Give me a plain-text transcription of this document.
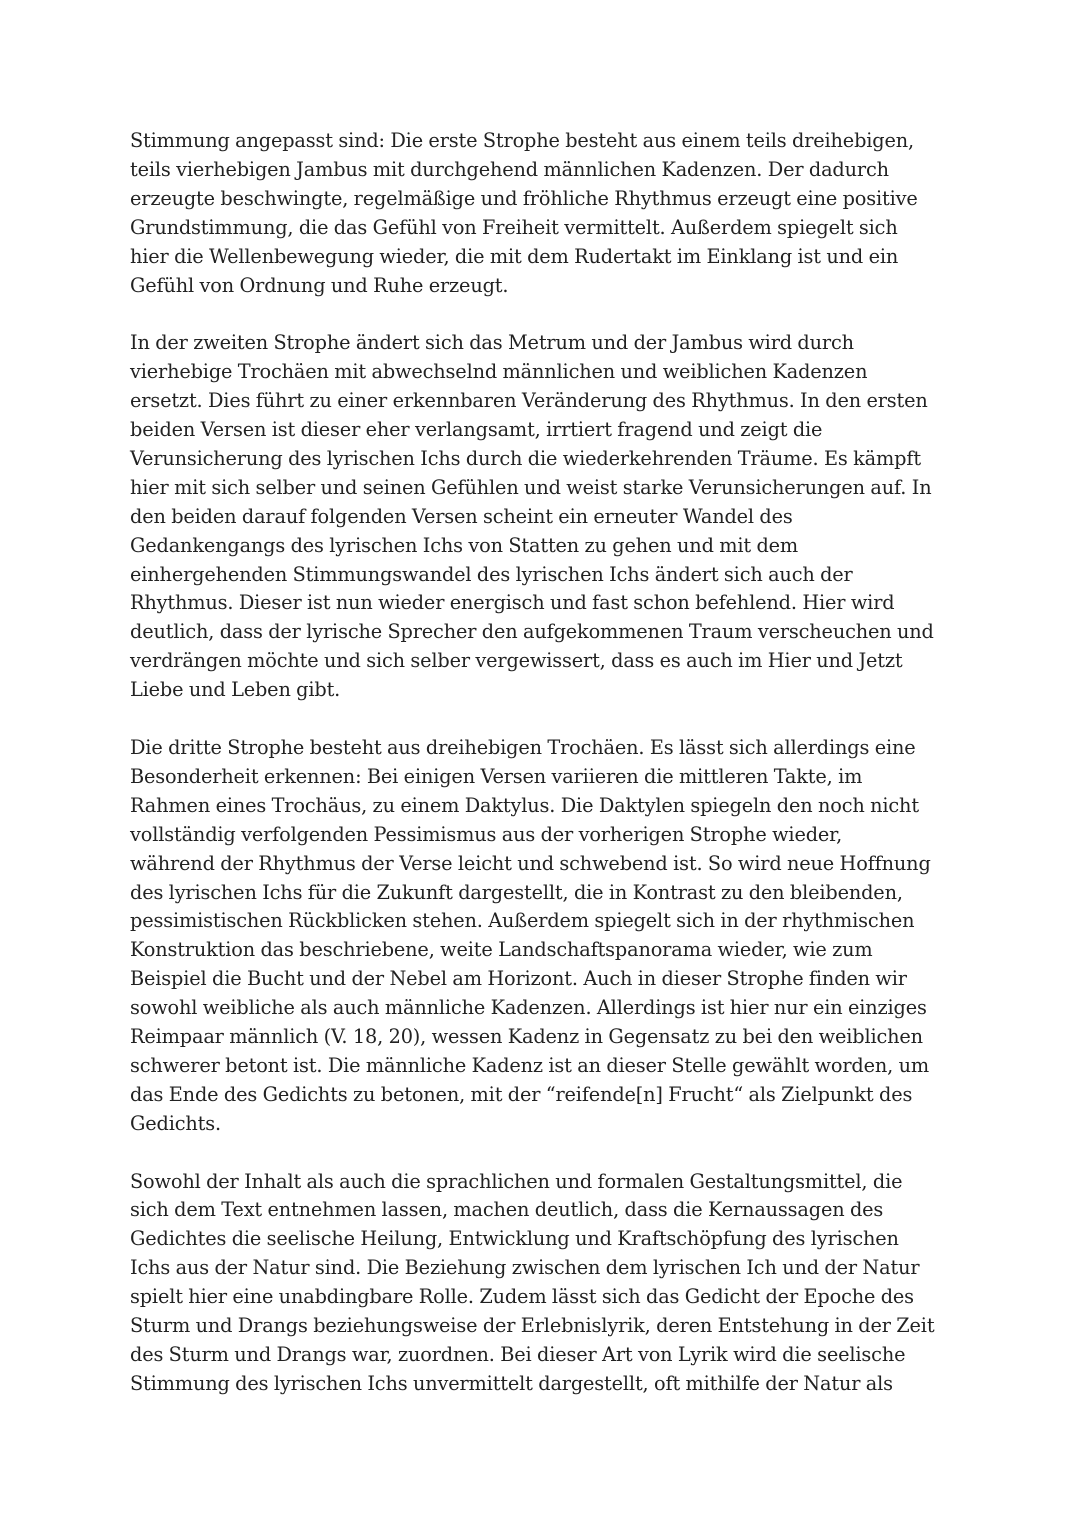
Stimmung angepasst sind: Die erste Strophe besteht aus einem teils dreihebigen,
teils vierhebigen Jambus mit durchgehend männlichen Kadenzen. Der dadurch
erzeugte beschwingte, regelmäßige und fröhliche Rhythmus erzeugt eine positive
Grundstimmung, die das Gefühl von Freiheit vermittelt. Außerdem spiegelt sich
hier die Wellenbewegung wieder, die mit dem Rudertakt im Einklang ist und ein
Gefühl von Ordnung und Ruhe erzeugt.

In der zweiten Strophe ändert sich das Metrum und der Jambus wird durch
vierhebige Trochäen mit abwechselnd männlichen und weiblichen Kadenzen
ersetzt. Dies führt zu einer erkennbaren Veränderung des Rhythmus. In den ersten
beiden Versen ist dieser eher verlangsamt, irrtiert fragend und zeigt die
Verunsicherung des lyrischen Ichs durch die wiederkehrenden Träume. Es kämpft
hier mit sich selber und seinen Gefühlen und weist starke Verunsicherungen auf. In
den beiden darauf folgenden Versen scheint ein erneuter Wandel des
Gedankengangs des lyrischen Ichs von Statten zu gehen und mit dem
einhergehenden Stimmungswandel des lyrischen Ichs ändert sich auch der
Rhythmus. Dieser ist nun wieder energisch und fast schon befehlend. Hier wird
deutlich, dass der lyrische Sprecher den aufgekommenen Traum verscheuchen und
verdrängen möchte und sich selber vergewissert, dass es auch im Hier und Jetzt
Liebe und Leben gibt.

Die dritte Strophe besteht aus dreihebigen Trochäen. Es lässt sich allerdings eine
Besonderheit erkennen: Bei einigen Versen variieren die mittleren Takte, im
Rahmen eines Trochäus, zu einem Daktylus. Die Daktylen spiegeln den noch nicht
vollständig verfolgenden Pessimismus aus der vorherigen Strophe wieder,
während der Rhythmus der Verse leicht und schwebend ist. So wird neue Hoffnung
des lyrischen Ichs für die Zukunft dargestellt, die in Kontrast zu den bleibenden,
pessimistischen Rückblicken stehen. Außerdem spiegelt sich in der rhythmischen
Konstruktion das beschriebene, weite Landschaftspanorama wieder, wie zum
Beispiel die Bucht und der Nebel am Horizont. Auch in dieser Strophe finden wir
sowohl weibliche als auch männliche Kadenzen. Allerdings ist hier nur ein einziges
Reimpaar männlich (V. 18, 20), wessen Kadenz in Gegensatz zu bei den weiblichen
schwerer betont ist. Die männliche Kadenz ist an dieser Stelle gewählt worden, um
das Ende des Gedichts zu betonen, mit der “reifende[n] Frucht“ als Zielpunkt des
Gedichts.

Sowohl der Inhalt als auch die sprachlichen und formalen Gestaltungsmittel, die
sich dem Text entnehmen lassen, machen deutlich, dass die Kernaussagen des
Gedichtes die seelische Heilung, Entwicklung und Kraftschöpfung des lyrischen
Ichs aus der Natur sind. Die Beziehung zwischen dem lyrischen Ich und der Natur
spielt hier eine unabdingbare Rolle. Zudem lässt sich das Gedicht der Epoche des
Sturm und Drangs beziehungsweise der Erlebnislyrik, deren Entstehung in der Zeit
des Sturm und Drangs war, zuordnen. Bei dieser Art von Lyrik wird die seelische
Stimmung des lyrischen Ichs unvermittelt dargestellt, oft mithilfe der Natur als
